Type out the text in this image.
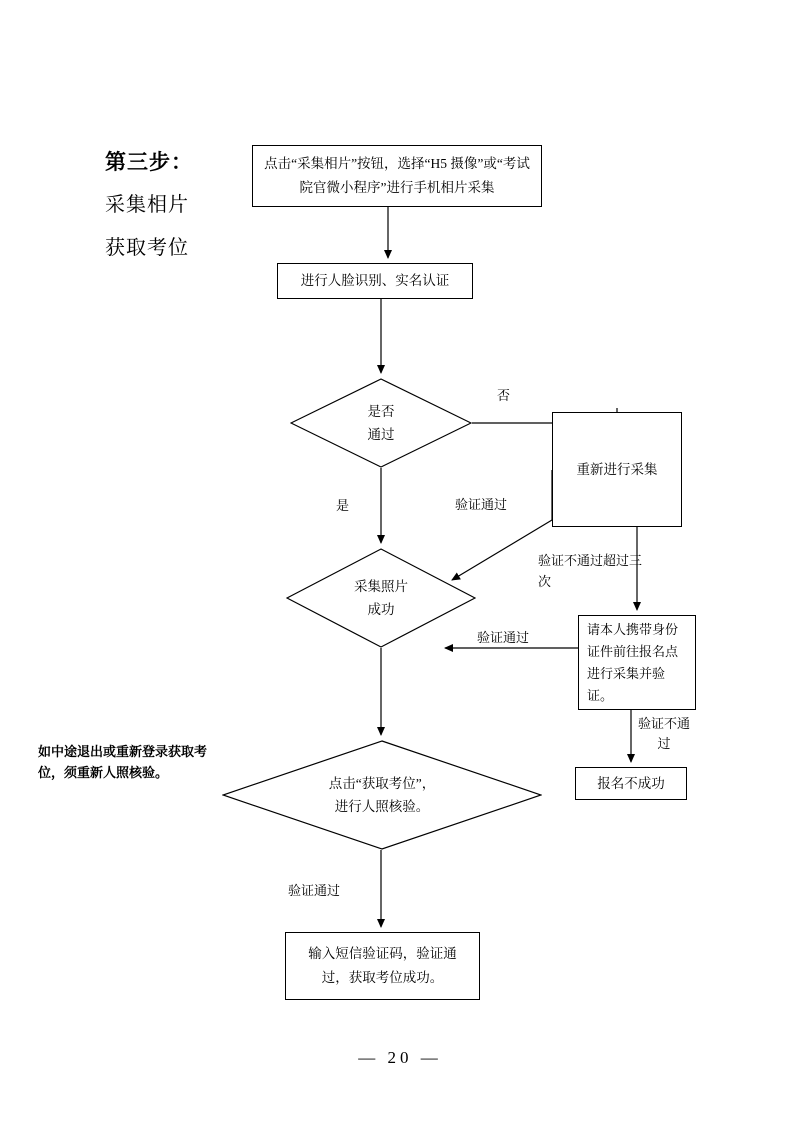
第三步：
采集相片
获取考位
如中途退出或重新登录获取考位，须重新人照核验。
点击“采集相片”按钮，选择“H5 摄像”或“考试院官微小程序”进行手机相片采集
进行人脸识别、实名认证
重新进行采集
请本人携带身份证件前往报名点进行采集并验证。
报名不成功
输入短信验证码，验证通
过，获取考位成功。
是否
通过
采集照片
成功
点击“获取考位”，
进行人照核验。
否
是	验证通过
验证不通过超过三次
验证通过
验证不通过
验证通过
— 20 —
